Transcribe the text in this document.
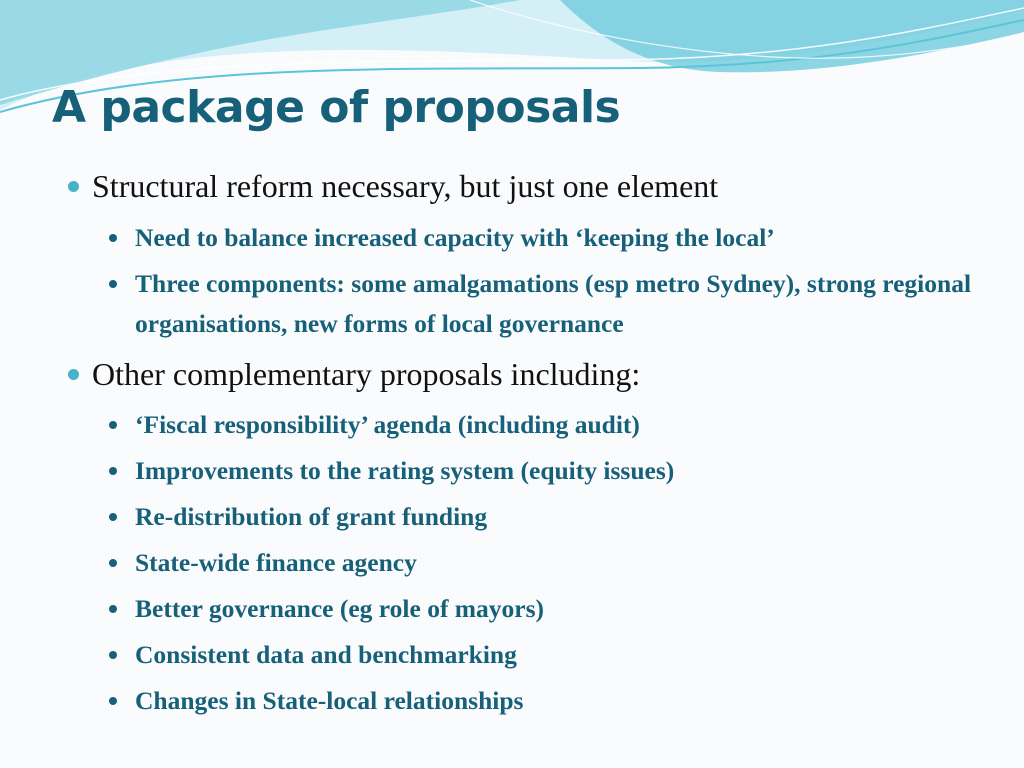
A package of proposals
Structural reform necessary, but just one element
Need to balance increased capacity with ‘keeping the local’
Three components: some amalgamations (esp metro Sydney), strong regional organisations, new forms of local governance
Other complementary proposals including:
‘Fiscal responsibility’ agenda (including audit)
Improvements to the rating system (equity issues)
Re-distribution of grant funding
State-wide finance agency
Better governance (eg role of mayors)
Consistent data and benchmarking
Changes in State-local relationships
